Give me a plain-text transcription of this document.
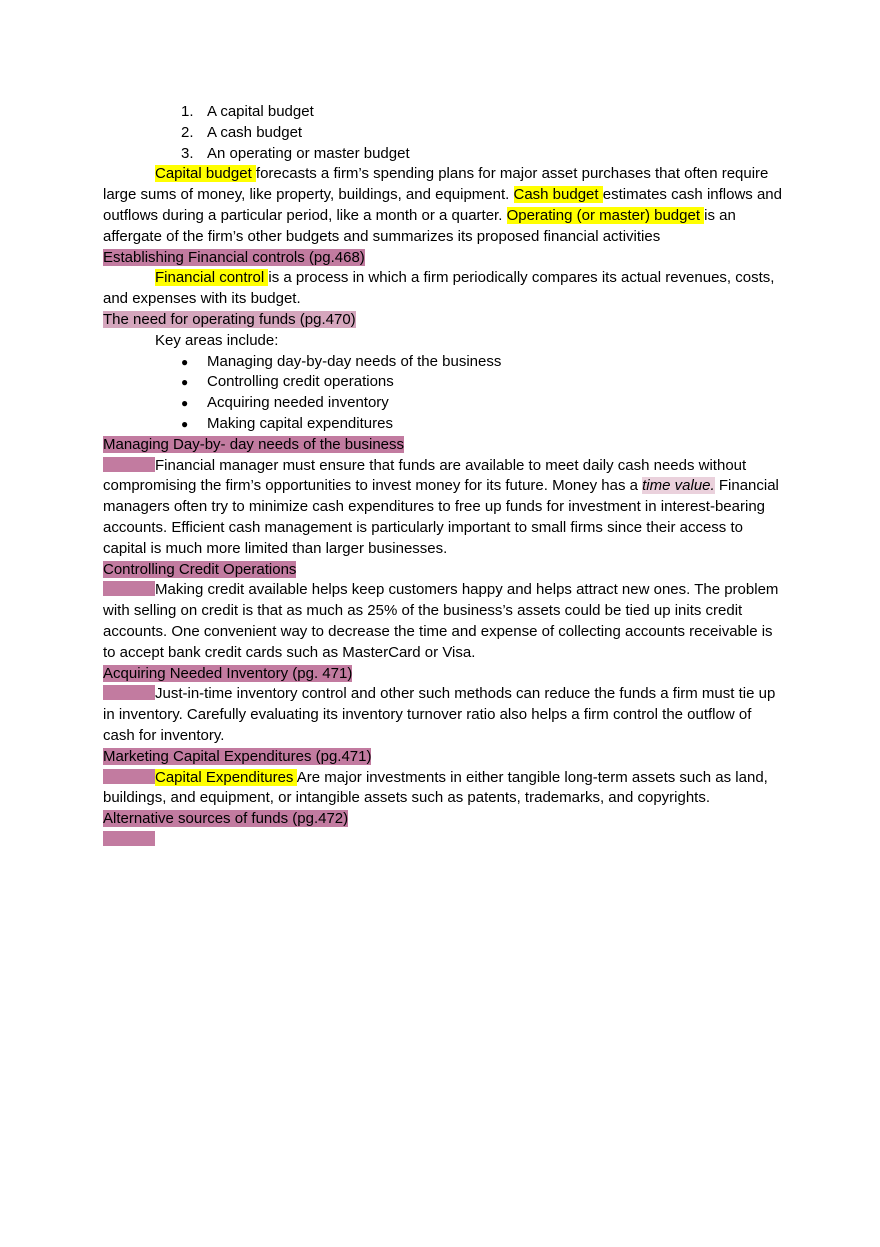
1. A capital budget
2. A cash budget
3. An operating or master budget

Capital budget forecasts a firm’s spending plans for major asset purchases that often require large sums of money, like property, buildings, and equipment. Cash budget estimates cash inflows and outflows during a particular period, like a month or a quarter. Operating (or master) budget is an affergate of the firm’s other budgets and summarizes its proposed financial activities

Establishing Financial controls (pg.468)

Financial control is a process in which a firm periodically compares its actual revenues, costs, and expenses with its budget.

The need for operating funds (pg.470)

Key areas include:

● Managing day-by-day needs of the business
● Controlling credit operations
● Acquiring needed inventory
● Making capital expenditures

Managing Day-by- day needs of the business

Financial manager must ensure that funds are available to meet daily cash needs without compromising the firm’s opportunities to invest money for its future. Money has a time value. Financial managers often try to minimize cash expenditures to free up funds for investment in interest-bearing accounts. Efficient cash management is particularly important to small firms since their access to capital is much more limited than larger businesses.

Controlling Credit Operations

Making credit available helps keep customers happy and helps attract new ones. The problem with selling on credit is that as much as 25% of the business’s assets could be tied up inits credit accounts. One convenient way to decrease the time and expense of collecting accounts receivable is to accept bank credit cards such as MasterCard or Visa.

Acquiring Needed Inventory (pg. 471)

Just-in-time inventory control and other such methods can reduce the funds a firm must tie up in inventory. Carefully evaluating its inventory turnover ratio also helps a firm control the outflow of cash for inventory.

Marketing Capital Expenditures (pg.471)

Capital Expenditures Are major investments in either tangible long-term assets such as land, buildings, and equipment, or intangible assets such as patents, trademarks, and copyrights.

Alternative sources of funds (pg.472)
